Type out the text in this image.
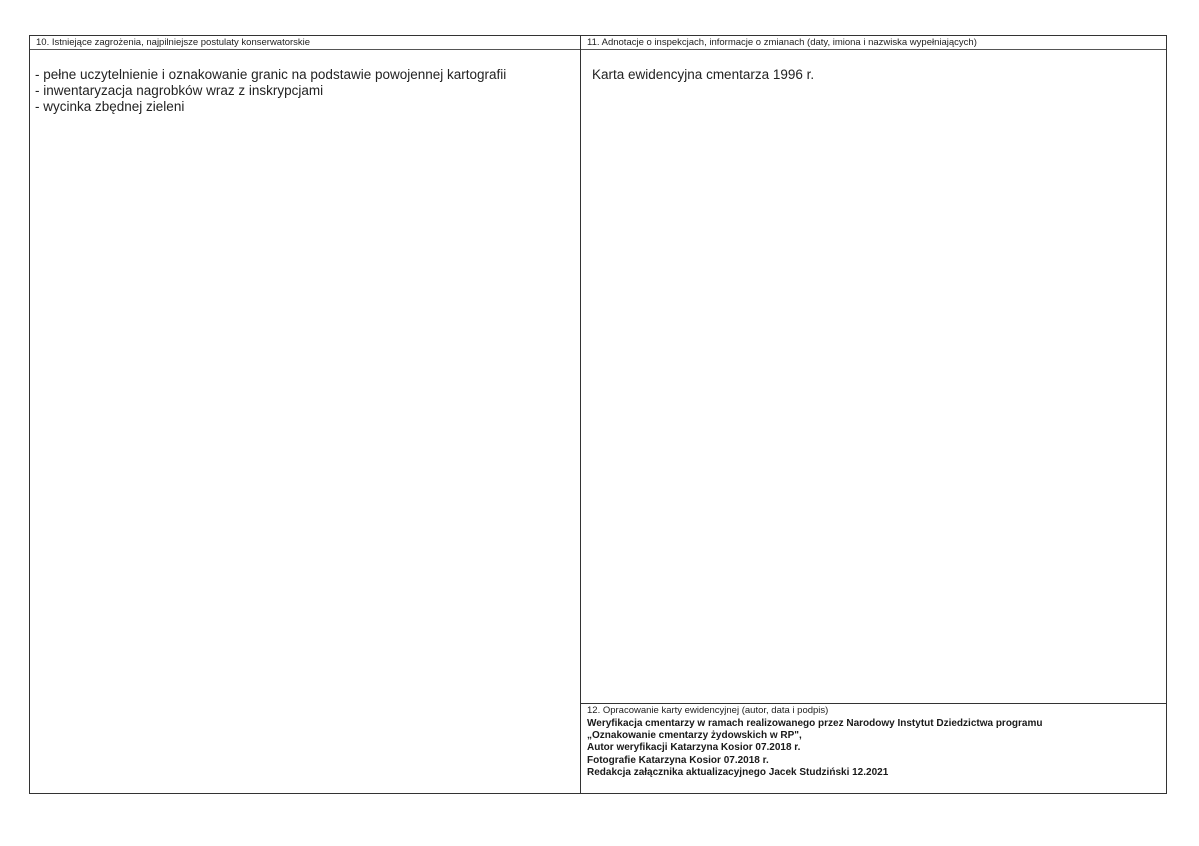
10. Istniejące zagrożenia, najpilniejsze postulaty konserwatorskie
- pełne uczytelnienie i oznakowanie granic na podstawie powojennej kartografii
- inwentaryzacja nagrobków wraz z inskrypcjami
- wycinka zbędnej zieleni
11. Adnotacje o inspekcjach, informacje o zmianach (daty, imiona i nazwiska wypełniających)
Karta ewidencyjna cmentarza 1996 r.
12. Opracowanie karty ewidencyjnej (autor, data i podpis)
Weryfikacja cmentarzy w ramach realizowanego przez Narodowy Instytut Dziedzictwa programu
„Oznakowanie cmentarzy żydowskich w RP",
Autor weryfikacji Katarzyna Kosior 07.2018 r.
Fotografie Katarzyna Kosior 07.2018 r.
Redakcja załącznika aktualizacyjnego Jacek Studziński 12.2021
